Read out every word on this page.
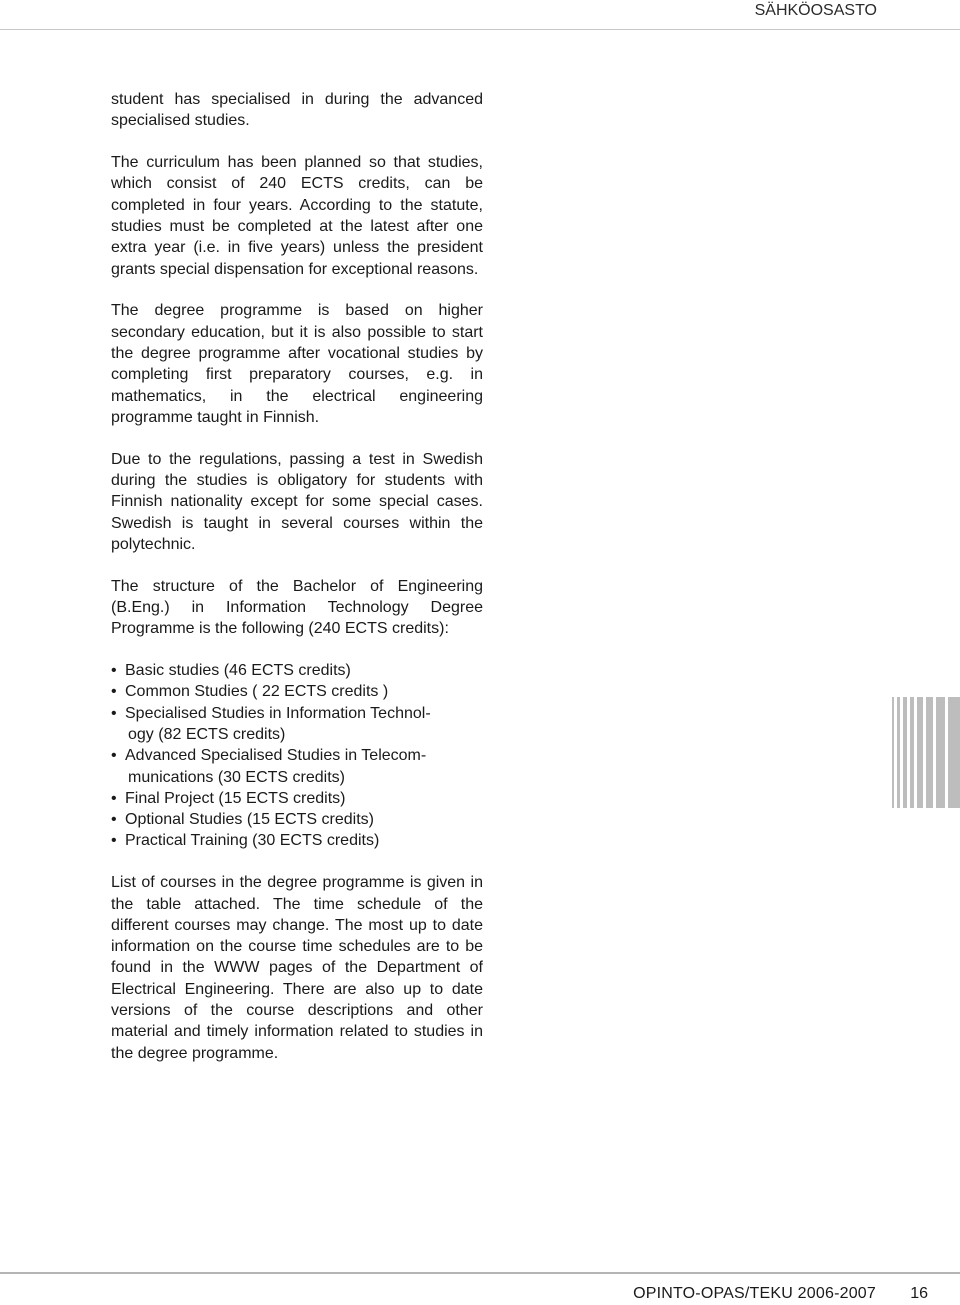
SÄHKÖOSASTO

student has specialised in during the advanced specialised studies.

The curriculum has been planned so that studies, which consist of 240 ECTS credits, can be completed in four years. According to the statute, studies must be completed at the latest after one extra year (i.e. in five years) unless the president grants special dispensation for exceptional reasons.

The degree programme is based on higher secondary education, but it is also possible to start the degree programme after vocational studies by completing first preparatory courses, e.g. in mathematics, in the electrical engineering programme taught in Finnish.

Due to the regulations, passing a test in Swedish during the studies is obligatory for students with Finnish nationality except for some special cases. Swedish is taught in several courses within the polytechnic.

The structure of the Bachelor of Engineering (B.Eng.) in Information Technology Degree Programme is the following (240 ECTS credits):

• Basic studies (46 ECTS credits)
• Common Studies ( 22 ECTS credits )
• Specialised Studies in Information Technol-
ogy (82 ECTS credits)
• Advanced Specialised Studies in Telecom-
munications (30 ECTS credits)
• Final Project (15 ECTS credits)
• Optional Studies (15 ECTS credits)
• Practical Training (30 ECTS credits)

List of courses in the degree programme is given in the table attached. The time schedule of the different courses may change. The most up to date information on the course time schedules are to be found in the WWW pages of the Department of Electrical Engineering. There are also up to date versions of the course descriptions and other material and timely information related to studies in the degree programme.

OPINTO-OPAS/TEKU 2006-2007 16
